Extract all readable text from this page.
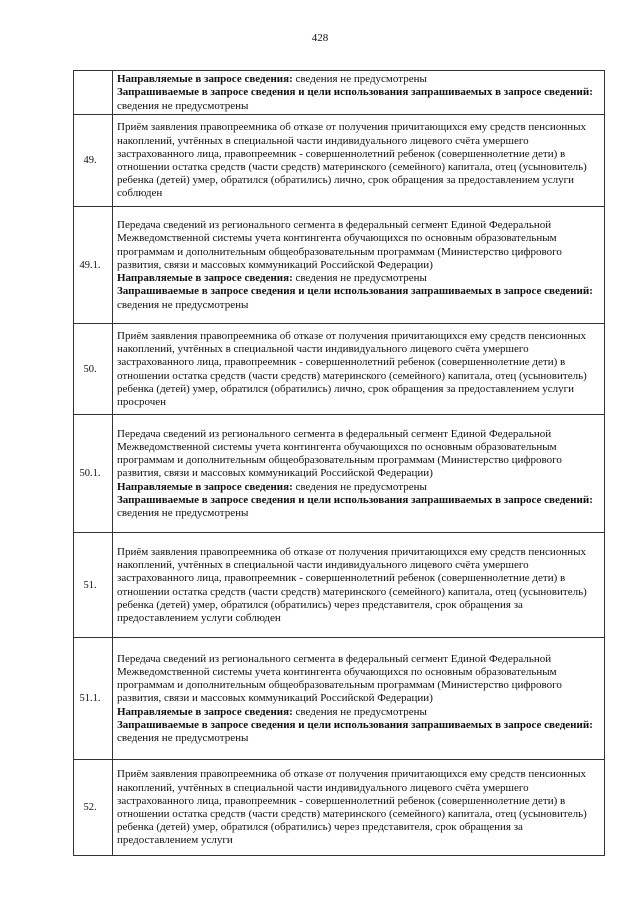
428

	Направляемые в запросе сведения: сведения не предусмотрены

Запрашиваемые в запросе сведения и цели использования запрашиваемых в запросе сведений: сведения не предусмотрены

49.	Приём заявления правопреемника об отказе от получения причитающихся ему средств пенсионных накоплений, учтённых в специальной части индивидуального лицевого счёта умершего застрахованного лица, правопреемник - совершеннолетний ребенок (совершеннолетние дети) в отношении остатка средств (части средств) материнского (семейного) капитала, отец (усыновитель) ребенка (детей) умер, обратился (обратились) лично, срок обращения за предоставлением услуги соблюден

49.1.	Передача сведений из регионального сегмента в федеральный сегмент Единой Федеральной Межведомственной системы учета контингента обучающихся по основным образовательным программам и дополнительным общеобразовательным программам (Министерство цифрового развития, связи и массовых коммуникаций Российской Федерации)

Направляемые в запросе сведения: сведения не предусмотрены

Запрашиваемые в запросе сведения и цели использования запрашиваемых в запросе сведений: сведения не предусмотрены

50.	Приём заявления правопреемника об отказе от получения причитающихся ему средств пенсионных накоплений, учтённых в специальной части индивидуального лицевого счёта умершего застрахованного лица, правопреемник - совершеннолетний ребенок (совершеннолетние дети) в отношении остатка средств (части средств) материнского (семейного) капитала, отец (усыновитель) ребенка (детей) умер, обратился (обратились) лично, срок обращения за предоставлением услуги просрочен

50.1.	Передача сведений из регионального сегмента в федеральный сегмент Единой Федеральной Межведомственной системы учета контингента обучающихся по основным образовательным программам и дополнительным общеобразовательным программам (Министерство цифрового развития, связи и массовых коммуникаций Российской Федерации)

Направляемые в запросе сведения: сведения не предусмотрены

Запрашиваемые в запросе сведения и цели использования запрашиваемых в запросе сведений: сведения не предусмотрены

51.	Приём заявления правопреемника об отказе от получения причитающихся ему средств пенсионных накоплений, учтённых в специальной части индивидуального лицевого счёта умершего застрахованного лица, правопреемник - совершеннолетний ребенок (совершеннолетние дети) в отношении остатка средств (части средств) материнского (семейного) капитала, отец (усыновитель) ребенка (детей) умер, обратился (обратились) через представителя, срок обращения за предоставлением услуги соблюден

51.1.	Передача сведений из регионального сегмента в федеральный сегмент Единой Федеральной Межведомственной системы учета контингента обучающихся по основным образовательным программам и дополнительным общеобразовательным программам (Министерство цифрового развития, связи и массовых коммуникаций Российской Федерации)

Направляемые в запросе сведения: сведения не предусмотрены

Запрашиваемые в запросе сведения и цели использования запрашиваемых в запросе сведений: сведения не предусмотрены

52.	Приём заявления правопреемника об отказе от получения причитающихся ему средств пенсионных накоплений, учтённых в специальной части индивидуального лицевого счёта умершего застрахованного лица, правопреемник - совершеннолетний ребенок (совершеннолетние дети) в отношении остатка средств (части средств) материнского (семейного) капитала, отец (усыновитель) ребенка (детей) умер, обратился (обратились) через представителя, срок обращения за предоставлением услуги
